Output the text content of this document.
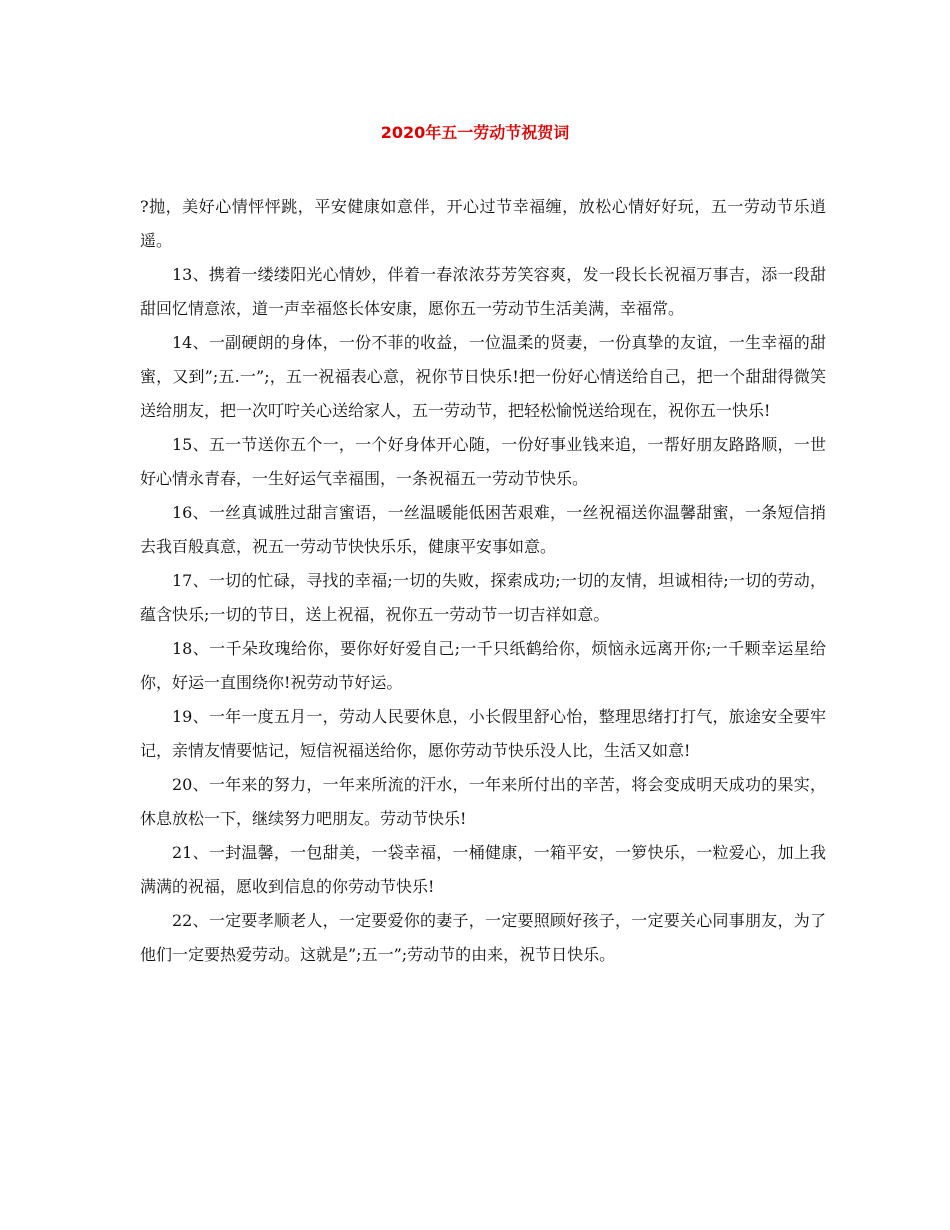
2020年五一劳动节祝贺词

?抛，美好心情怦怦跳，平安健康如意伴，开心过节幸福缠，放松心情好好玩，五一劳动节乐逍遥。

13、携着一缕缕阳光心情妙，伴着一春浓浓芬芳笑容爽，发一段长长祝福万事吉，添一段甜甜回忆情意浓，道一声幸福悠长体安康，愿你五一劳动节生活美满，幸福常。

14、一副硬朗的身体，一份不菲的收益，一位温柔的贤妻，一份真挚的友谊，一生幸福的甜蜜，又到”;五.一”;，五一祝福表心意，祝你节日快乐!把一份好心情送给自己，把一个甜甜得微笑送给朋友，把一次叮咛关心送给家人，五一劳动节，把轻松愉悦送给现在，祝你五一快乐!

15、五一节送你五个一，一个好身体开心随，一份好事业钱来追，一帮好朋友路路顺，一世好心情永青春，一生好运气幸福围，一条祝福五一劳动节快乐。

16、一丝真诚胜过甜言蜜语，一丝温暖能低困苦艰难，一丝祝福送你温馨甜蜜，一条短信捎去我百般真意，祝五一劳动节快快乐乐，健康平安事如意。

17、一切的忙碌，寻找的幸福;一切的失败，探索成功;一切的友情，坦诚相待;一切的劳动，蕴含快乐;一切的节日，送上祝福，祝你五一劳动节一切吉祥如意。

18、一千朵玫瑰给你，要你好好爱自己;一千只纸鹤给你，烦恼永远离开你;一千颗幸运星给你，好运一直围绕你!祝劳动节好运。

19、一年一度五月一，劳动人民要休息，小长假里舒心怡，整理思绪打打气，旅途安全要牢记，亲情友情要惦记，短信祝福送给你，愿你劳动节快乐没人比，生活又如意!

20、一年来的努力，一年来所流的汗水，一年来所付出的辛苦，将会变成明天成功的果实，休息放松一下，继续努力吧朋友。劳动节快乐!

21、一封温馨，一包甜美，一袋幸福，一桶健康，一箱平安，一箩快乐，一粒爱心，加上我满满的祝福，愿收到信息的你劳动节快乐!

22、一定要孝顺老人，一定要爱你的妻子，一定要照顾好孩子，一定要关心同事朋友，为了他们一定要热爱劳动。这就是”;五一”;劳动节的由来，祝节日快乐。
